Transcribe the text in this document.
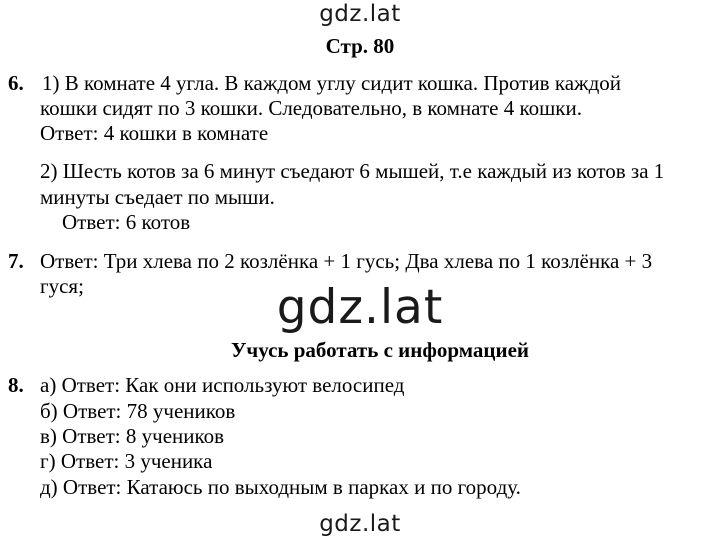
gdz.lat
Стр. 80
6. 1) В комнате 4 угла. В каждом углу сидит кошка. Против каждой
кошки сидят по 3 кошки. Следовательно, в комнате 4 кошки.
Ответ: 4 кошки в комнате
2) Шесть котов за 6 минут съедают 6 мышей, т.е каждый из котов за 1
минуты съедает по мыши.
Ответ: 6 котов
7. Ответ: Три хлева по 2 козлёнка + 1 гусь; Два хлева по 1 козлёнка + 3
гуся;	gdz.lat
Учусь работать с информацией
8. а) Ответ: Как они используют велосипед
б) Ответ: 78 учеников
в) Ответ: 8 учеников
г) Ответ: 3 ученика
д) Ответ: Катаюсь по выходным в парках и по городу.
gdz.lat
